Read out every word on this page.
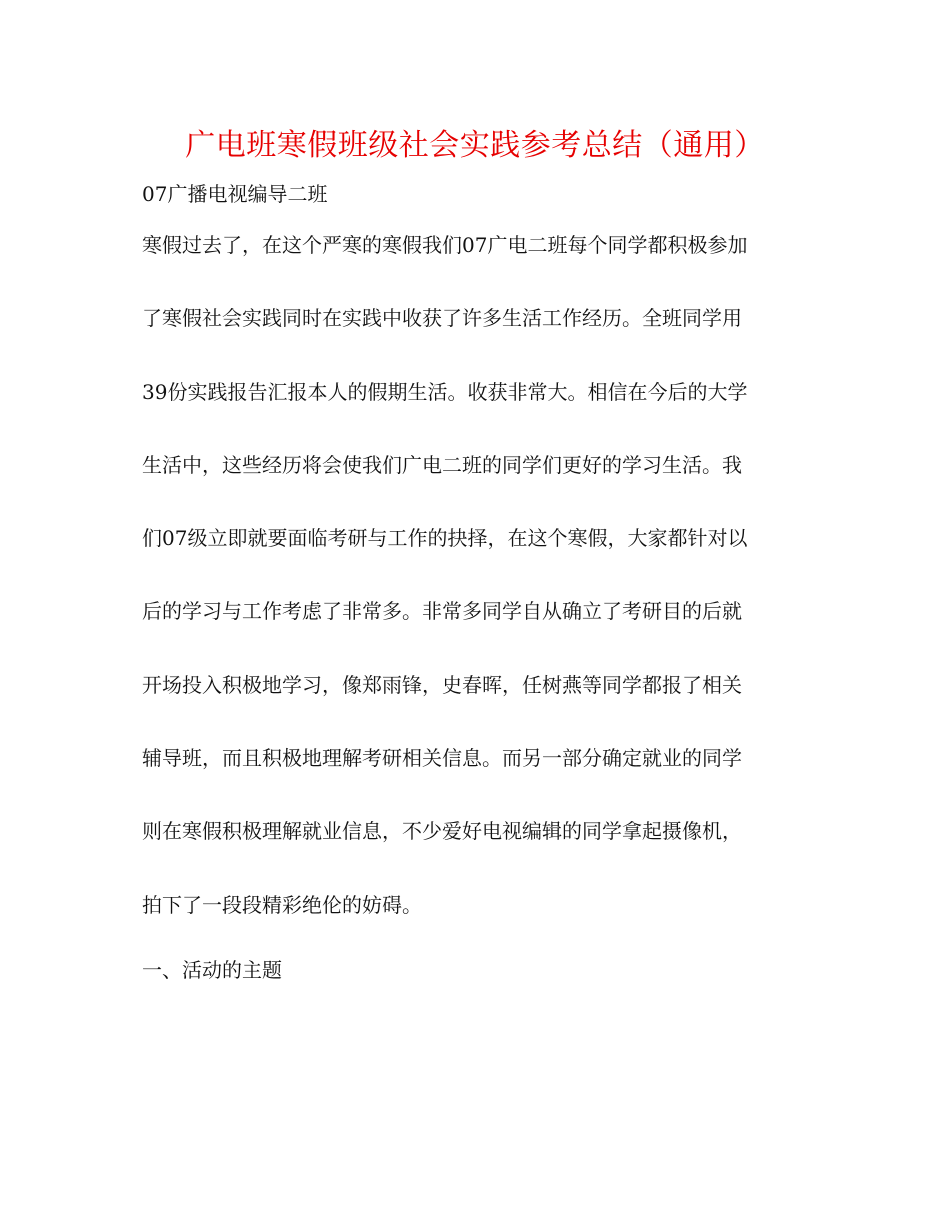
广电班寒假班级社会实践参考总结（通用）
07广播电视编导二班
寒假过去了，在这个严寒的寒假我们07广电二班每个同学都积极参加
了寒假社会实践同时在实践中收获了许多生活工作经历。全班同学用
39份实践报告汇报本人的假期生活。收获非常大。相信在今后的大学
生活中，这些经历将会使我们广电二班的同学们更好的学习生活。我
们07级立即就要面临考研与工作的抉择，在这个寒假，大家都针对以
后的学习与工作考虑了非常多。非常多同学自从确立了考研目的后就
开场投入积极地学习，像郑雨锋，史春晖，任树燕等同学都报了相关
辅导班，而且积极地理解考研相关信息。而另一部分确定就业的同学
则在寒假积极理解就业信息，不少爱好电视编辑的同学拿起摄像机，
拍下了一段段精彩绝伦的妨碍。
一、活动的主题
